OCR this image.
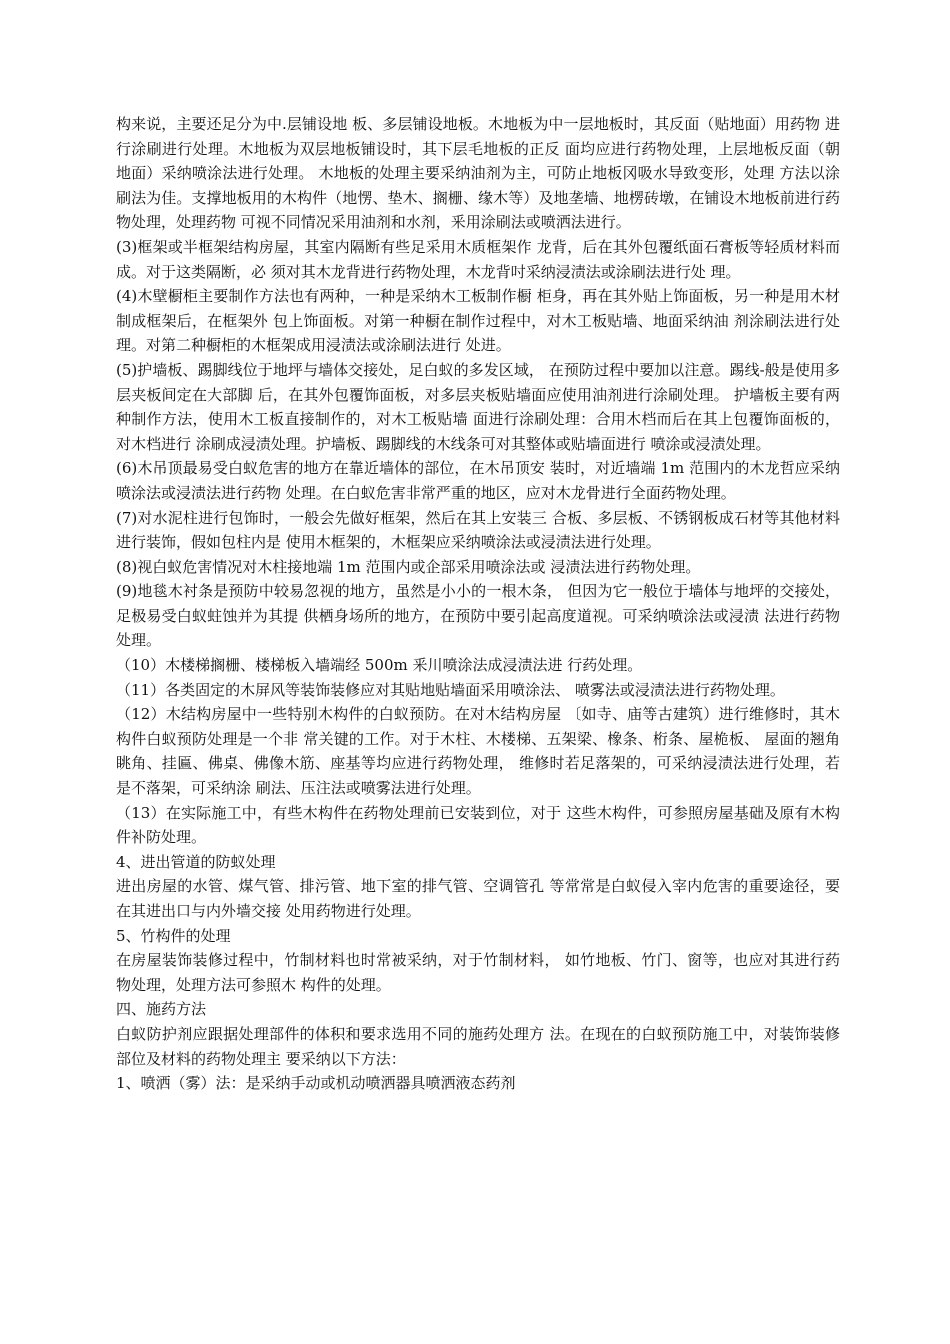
构来说，主要还足分为中.层铺设地 板、多层铺设地板。木地板为中一层地板时，其反面（贴地面）用药物 进行涂刷进行处理。木地板为双层地板铺设时，其下层毛地板的正反 面均应进行药物处理，上层地板反面（朝地面）采纳喷涂法进行处理。 木地板的处理主要采纳油剂为主，可防止地板冈吸水导致变形，处理 方法以涂刷法为佳。支撑地板用的木构件（地愣、垫木、搁栅、缘木等）及地垄墙、地楞砖墩，在铺设木地板前进行药物处理，处理药物 可视不同情况采用油剂和水剂，釆用涂刷法或喷洒法进行。

(3)框架或半框架结构房屋，其室内隔断有些足采用木质框架作 龙背，后在其外包覆纸面石膏板等轻质材料而成。对于这类隔断，必 须对其木龙背进行药物处理，木龙背吋采纳浸渍法或涂刷法进行处 理。

(4)木壁橱柜主要制作方法也有两种，一种是采纳木工板制作橱 柜身，再在其外贴上饰面板，另一种是用木材制成框架后，在框架外 包上饰面板。对第一种橱在制作过程中，对木工板贴墙、地面采纳油 剂涂刷法进行处理。对第二种橱柜的木框架成用浸渍法或涂刷法进行 处进。

(5)护墙板、踢脚线位于地坪与墙体交接处，足白蚁的多发区域， 在预防过程中要加以注意。踢线-般是使用多层夹板间定在大部脚 后，在其外包覆饰面板，对多层夹板贴墙面应使用油剂进行涂刷处理。 护墙板主要有两种制作方法，使用木工板直接制作的，对木工板贴墙 面进行涂刷处理：合用木档而后在其上包覆饰面板的，对木档进行 涂刷成浸渍处理。护墙板、踢脚线的木线条可对其整体或贴墙面进行 喷涂或浸渍处理。

(6)木吊顶最易受白蚁危害的地方在靠近墙体的部位，在木吊顶安 装时，对近墙端 1m 范围内的木龙哲应采纳喷涂法或浸渍法进行药物 处理。在白蚁危害非常严重的地区，应对木龙骨进行全面药物处理。

(7)对水泥柱进行包饰时，一般会先做好框架，然后在其上安装三 合板、多层板、不锈钢板成石材等其他材料进行装饰，假如包柱内是 使用木框架的，木框架应采纳喷涂法或浸渍法进行处理。

(8)视白蚁危害情况对木柱接地端 1m 范围内或企部采用喷涂法或 浸渍法进行药物处理。

(9)地毯木衬条是预防中较易忽视的地方，虽然是小小的一根木条， 但因为它一般位于墙体与地坪的交接处，足极易受白蚁蛀蚀并为其提 供栖身场所的地方，在预防中要引起高度道视。可采纳喷涂法或浸渍 法进行药物处理。

（10）木楼梯搁栅、楼梯板入墙端经 500m 釆川喷涂法成浸渍法进 行药处理。

（11）各类固定的木屏风等装饰装修应对其贴地贴墙面采用喷涂法、 喷雾法或浸渍法进行药物处理。

（12）木结构房屋中一些特别木构件的白蚁预防。在对木结构房屋 〔如寺、庙等古建筑）进行维修时，其木构件白蚁预防处理是一个非 常关键的工作。对于木柱、木楼梯、五架梁、橡条、桁条、屋桅板、 屋面的翘角眺角、挂匾、佛桌、佛像木筋、座基等均应进行药物处理， 维修时若足落架的，可采纳浸渍法进行处理，若是不落架，可采纳涂 刷法、压注法或喷雾法进行处理。

（13）在实际施工中，有些木构件在药物处理前已安装到位，对于 这些木构件，可参照房屋基础及原有木构件补防处理。

4、进出管道的防蚁处理

进出房屋的水管、煤气管、排污管、地下室的排气管、空调管孔 等常常是白蚁侵入宰内危害的重要途径，要在其进出口与内外墙交接 处用药物进行处理。

5、竹构件的处理

在房屋装饰装修过程中，竹制材料也时常被采纳，对于竹制材料， 如竹地板、竹门、窗等，也应对其进行药物处理，处理方法可参照木 构件的处理。

四、施药方法

白蚁防护剂应跟据处理部件的体积和要求选用不同的施药处理方 法。在现在的白蚁预防施工中，对装饰装修部位及材料的药物处理主 要采纳以下方法：

1、喷洒（雾）法：是采纳手动或机动喷洒器具喷洒液态药剂
